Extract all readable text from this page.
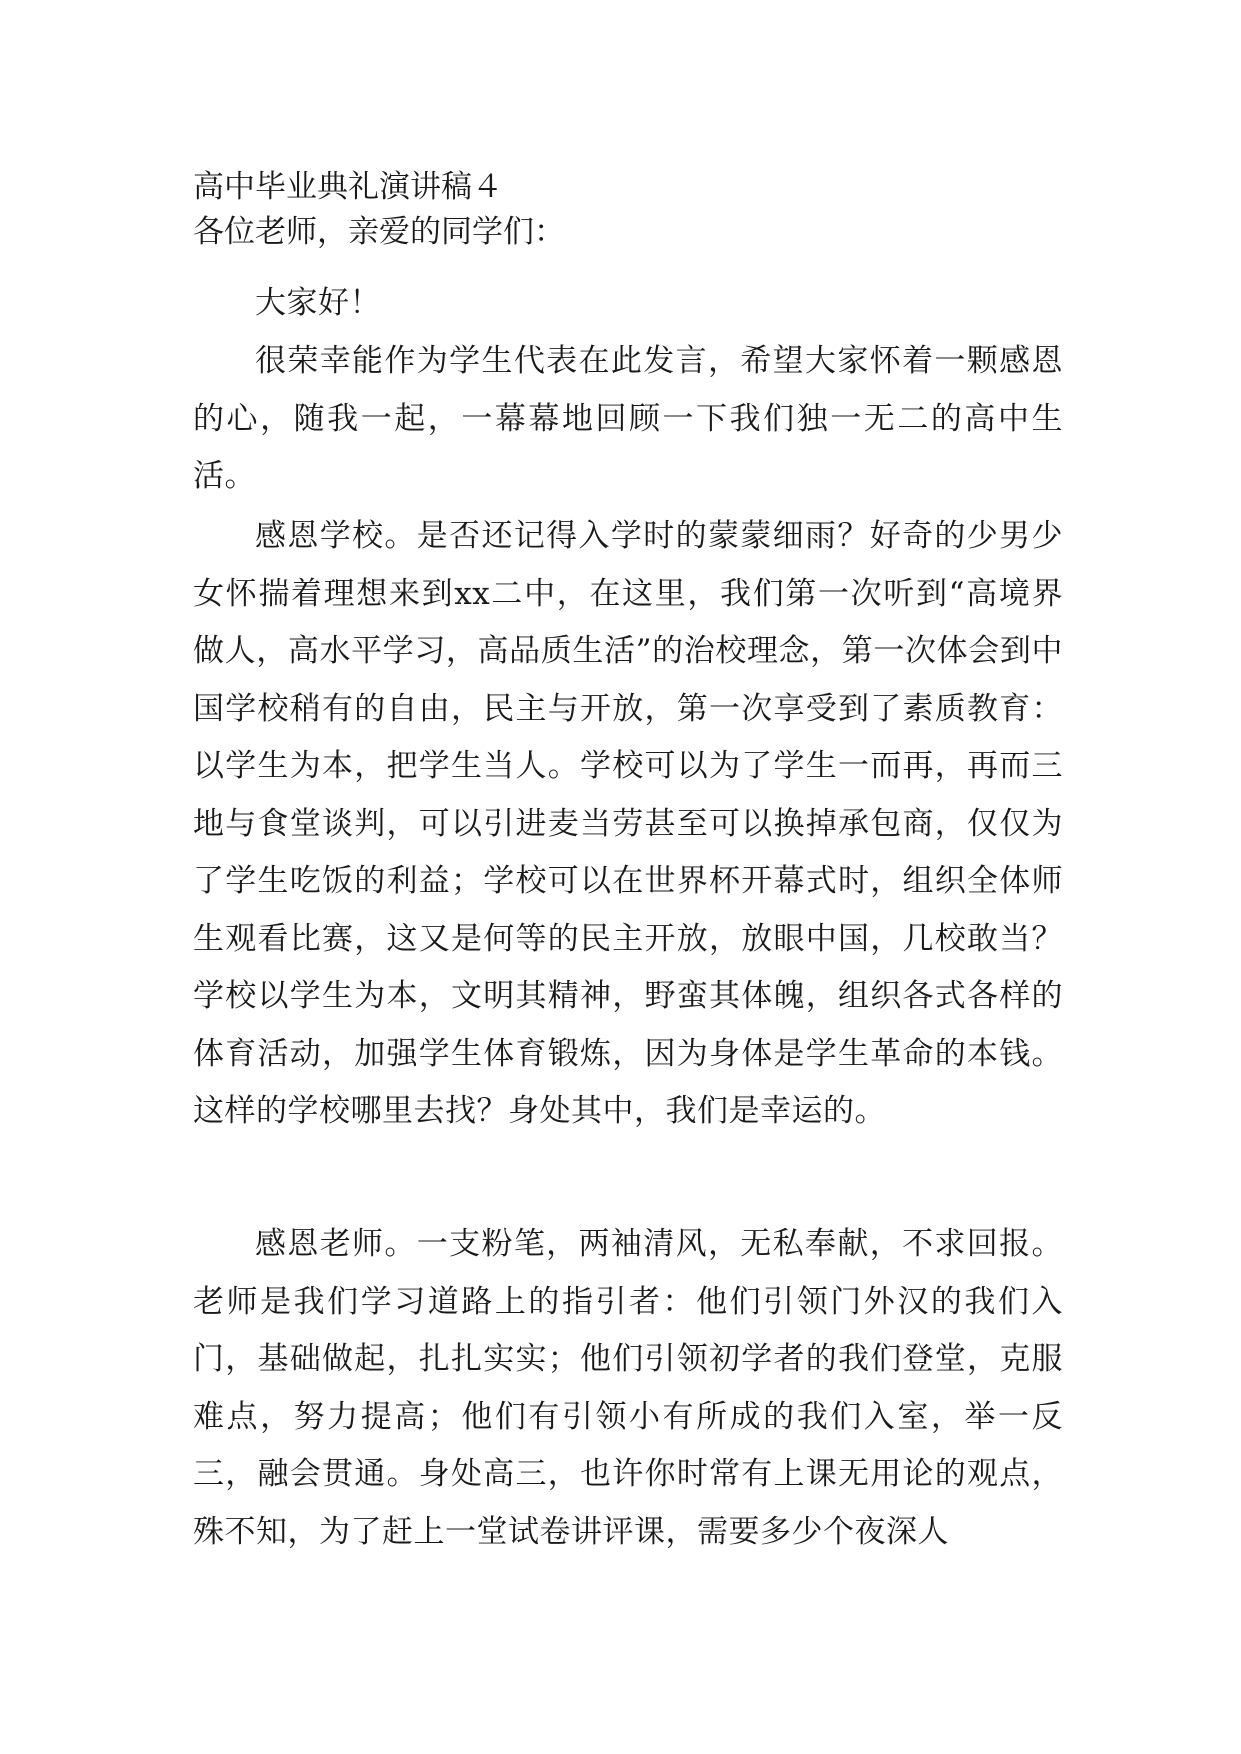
高中毕业典礼演讲稿４
各位老师，亲爱的同学们：

大家好！

很荣幸能作为学生代表在此发言，希望大家怀着一颗感恩的心，随我一起，一幕幕地回顾一下我们独一无二的高中生活。

感恩学校。是否还记得入学时的蒙蒙细雨？好奇的少男少女怀揣着理想来到xx二中，在这里，我们第一次听到“高境界做人，高水平学习，高品质生活”的治校理念，第一次体会到中国学校稍有的自由，民主与开放，第一次享受到了素质教育：以学生为本，把学生当人。学校可以为了学生一而再，再而三地与食堂谈判，可以引进麦当劳甚至可以换掉承包商，仅仅为了学生吃饭的利益；学校可以在世界杯开幕式时，组织全体师生观看比赛，这又是何等的民主开放，放眼中国，几校敢当？学校以学生为本，文明其精神，野蛮其体魄，组织各式各样的体育活动，加强学生体育锻炼，因为身体是学生革命的本钱。这样的学校哪里去找？身处其中，我们是幸运的。

感恩老师。一支粉笔，两袖清风，无私奉献，不求回报。老师是我们学习道路上的指引者：他们引领门外汉的我们入门，基础做起，扎扎实实；他们引领初学者的我们登堂，克服难点，努力提高；他们有引领小有所成的我们入室，举一反三，融会贯通。身处高三，也许你时常有上课无用论的观点，殊不知，为了赶上一堂试卷讲评课，需要多少个夜深人
